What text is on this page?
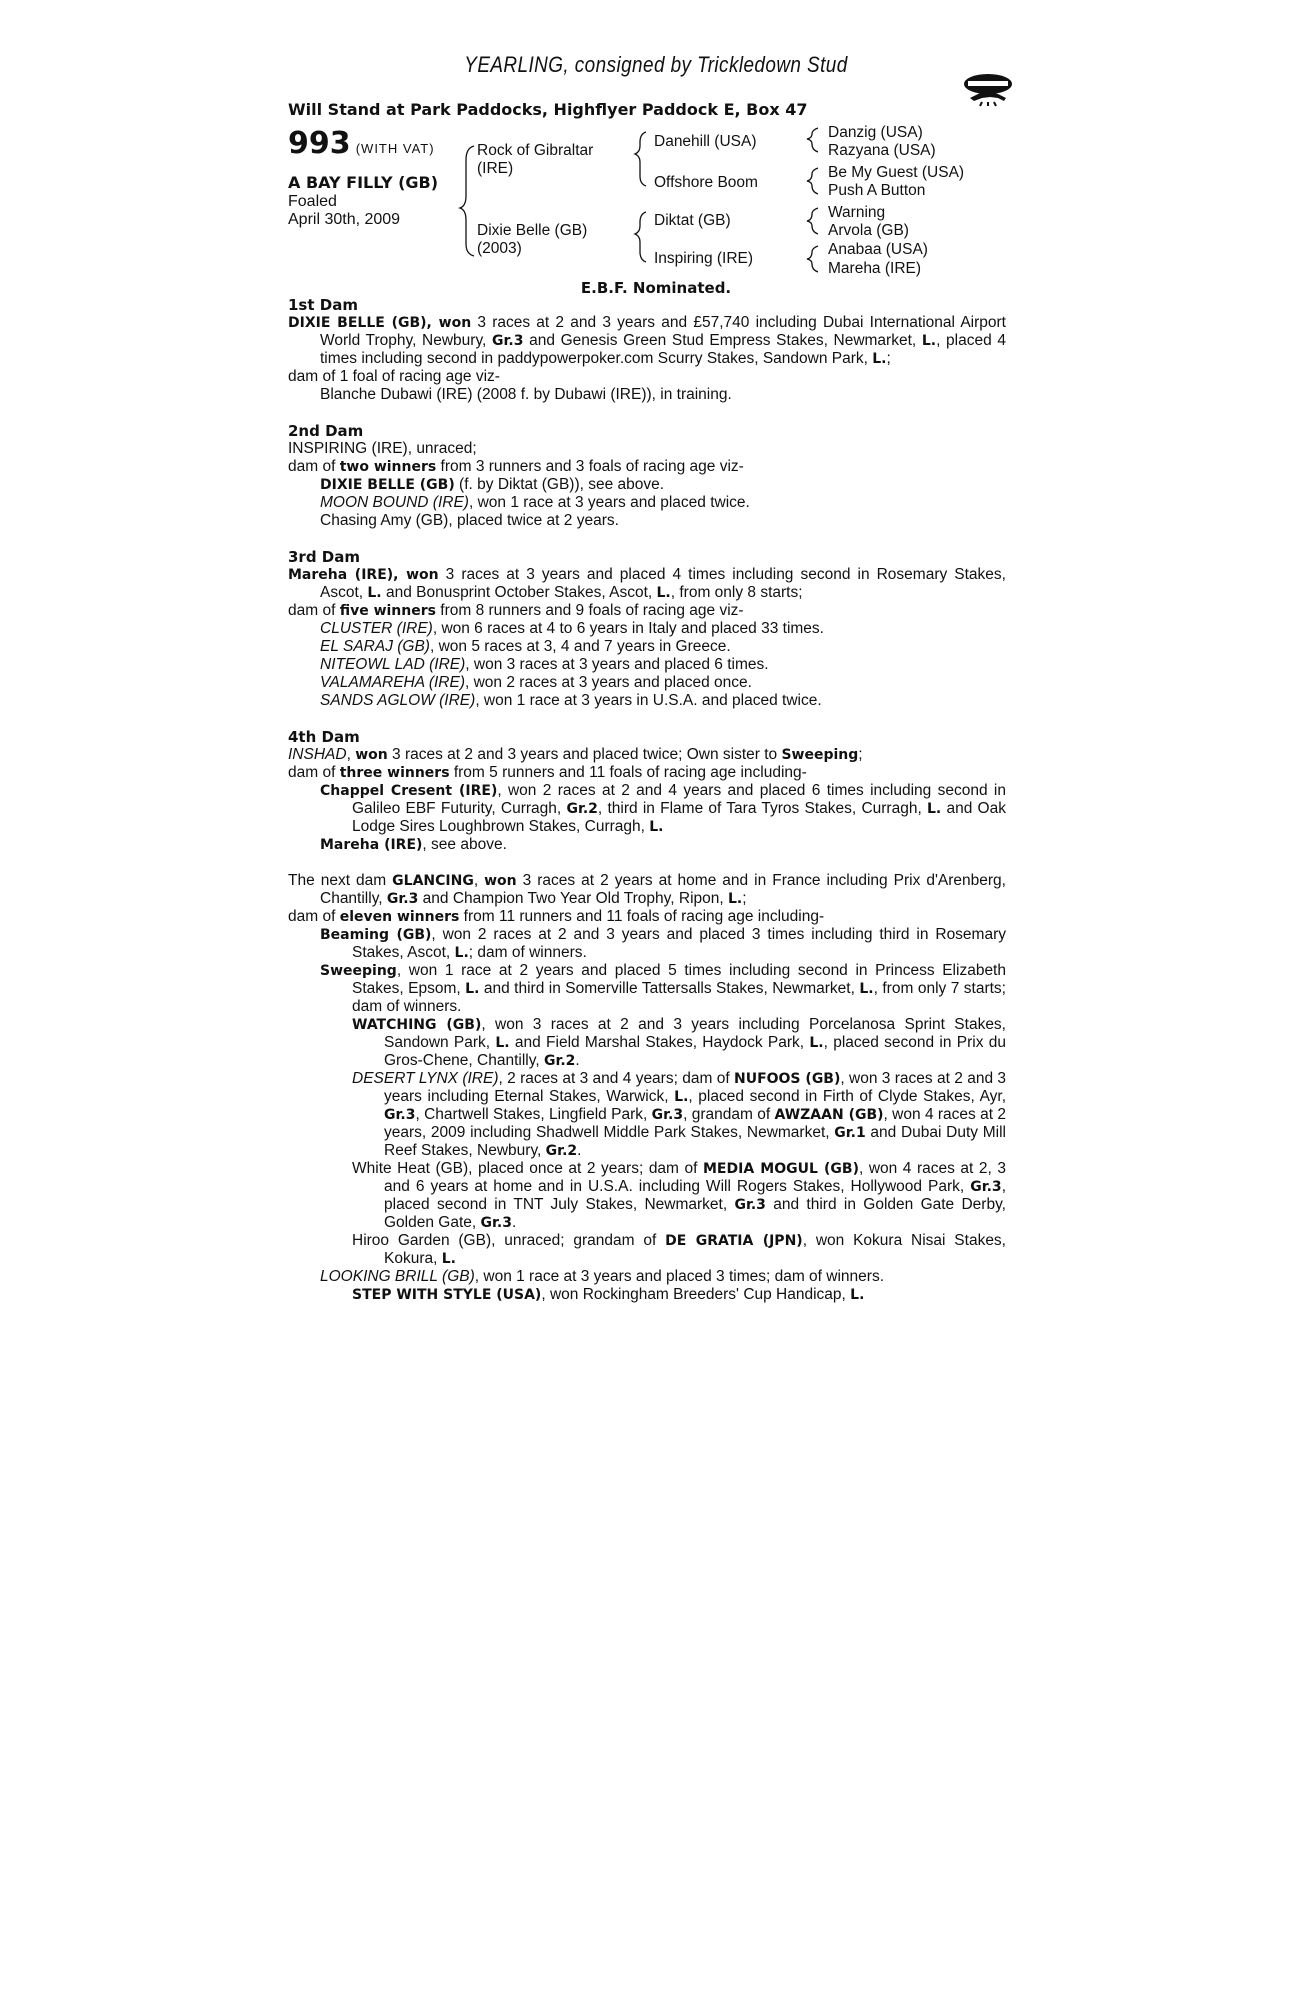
YEARLING, consigned by Trickledown Stud
Will Stand at Park Paddocks, Highflyer Paddock E, Box 47
993 (WITH VAT)
A BAY FILLY (GB)
Foaled
April 30th, 2009
Rock of Gibraltar (IRE)
Dixie Belle (GB) (2003)
Danehill (USA)
Offshore Boom
Diktat (GB)
Inspiring (IRE)
Danzig (USA)
Razyana (USA)
Be My Guest (USA)
Push A Button
Warning
Arvola (GB)
Anabaa (USA)
Mareha (IRE)
E.B.F. Nominated.
1st Dam

DIXIE BELLE (GB), won 3 races at 2 and 3 years and £57,740 including Dubai International Airport World Trophy, Newbury, Gr.3 and Genesis Green Stud Empress Stakes, Newmarket, L., placed 4 times including second in paddypowerpoker.com Scurry Stakes, Sandown Park, L.;

dam of 1 foal of racing age viz-

Blanche Dubawi (IRE) (2008 f. by Dubawi (IRE)), in training.

2nd Dam

INSPIRING (IRE), unraced;

dam of two winners from 3 runners and 3 foals of racing age viz-

DIXIE BELLE (GB) (f. by Diktat (GB)), see above.

MOON BOUND (IRE), won 1 race at 3 years and placed twice.

Chasing Amy (GB), placed twice at 2 years.

3rd Dam

Mareha (IRE), won 3 races at 3 years and placed 4 times including second in Rosemary Stakes, Ascot, L. and Bonusprint October Stakes, Ascot, L., from only 8 starts;

dam of five winners from 8 runners and 9 foals of racing age viz-

CLUSTER (IRE), won 6 races at 4 to 6 years in Italy and placed 33 times.

EL SARAJ (GB), won 5 races at 3, 4 and 7 years in Greece.

NITEOWL LAD (IRE), won 3 races at 3 years and placed 6 times.

VALAMAREHA (IRE), won 2 races at 3 years and placed once.

SANDS AGLOW (IRE), won 1 race at 3 years in U.S.A. and placed twice.

4th Dam

INSHAD, won 3 races at 2 and 3 years and placed twice; Own sister to Sweeping;

dam of three winners from 5 runners and 11 foals of racing age including-

Chappel Cresent (IRE), won 2 races at 2 and 4 years and placed 6 times including second in Galileo EBF Futurity, Curragh, Gr.2, third in Flame of Tara Tyros Stakes, Curragh, L. and Oak Lodge Sires Loughbrown Stakes, Curragh, L.

Mareha (IRE), see above.

The next dam GLANCING, won 3 races at 2 years at home and in France including Prix d'Arenberg, Chantilly, Gr.3 and Champion Two Year Old Trophy, Ripon, L.;

dam of eleven winners from 11 runners and 11 foals of racing age including-

Beaming (GB), won 2 races at 2 and 3 years and placed 3 times including third in Rosemary Stakes, Ascot, L.; dam of winners.

Sweeping, won 1 race at 2 years and placed 5 times including second in Princess Elizabeth Stakes, Epsom, L. and third in Somerville Tattersalls Stakes, Newmarket, L., from only 7 starts; dam of winners.

WATCHING (GB), won 3 races at 2 and 3 years including Porcelanosa Sprint Stakes, Sandown Park, L. and Field Marshal Stakes, Haydock Park, L., placed second in Prix du Gros-Chene, Chantilly, Gr.2.

DESERT LYNX (IRE), 2 races at 3 and 4 years; dam of NUFOOS (GB), won 3 races at 2 and 3 years including Eternal Stakes, Warwick, L., placed second in Firth of Clyde Stakes, Ayr, Gr.3, Chartwell Stakes, Lingfield Park, Gr.3, grandam of AWZAAN (GB), won 4 races at 2 years, 2009 including Shadwell Middle Park Stakes, Newmarket, Gr.1 and Dubai Duty Mill Reef Stakes, Newbury, Gr.2.

White Heat (GB), placed once at 2 years; dam of MEDIA MOGUL (GB), won 4 races at 2, 3 and 6 years at home and in U.S.A. including Will Rogers Stakes, Hollywood Park, Gr.3, placed second in TNT July Stakes, Newmarket, Gr.3 and third in Golden Gate Derby, Golden Gate, Gr.3.

Hiroo Garden (GB), unraced; grandam of DE GRATIA (JPN), won Kokura Nisai Stakes, Kokura, L.

LOOKING BRILL (GB), won 1 race at 3 years and placed 3 times; dam of winners.

STEP WITH STYLE (USA), won Rockingham Breeders' Cup Handicap, L.
